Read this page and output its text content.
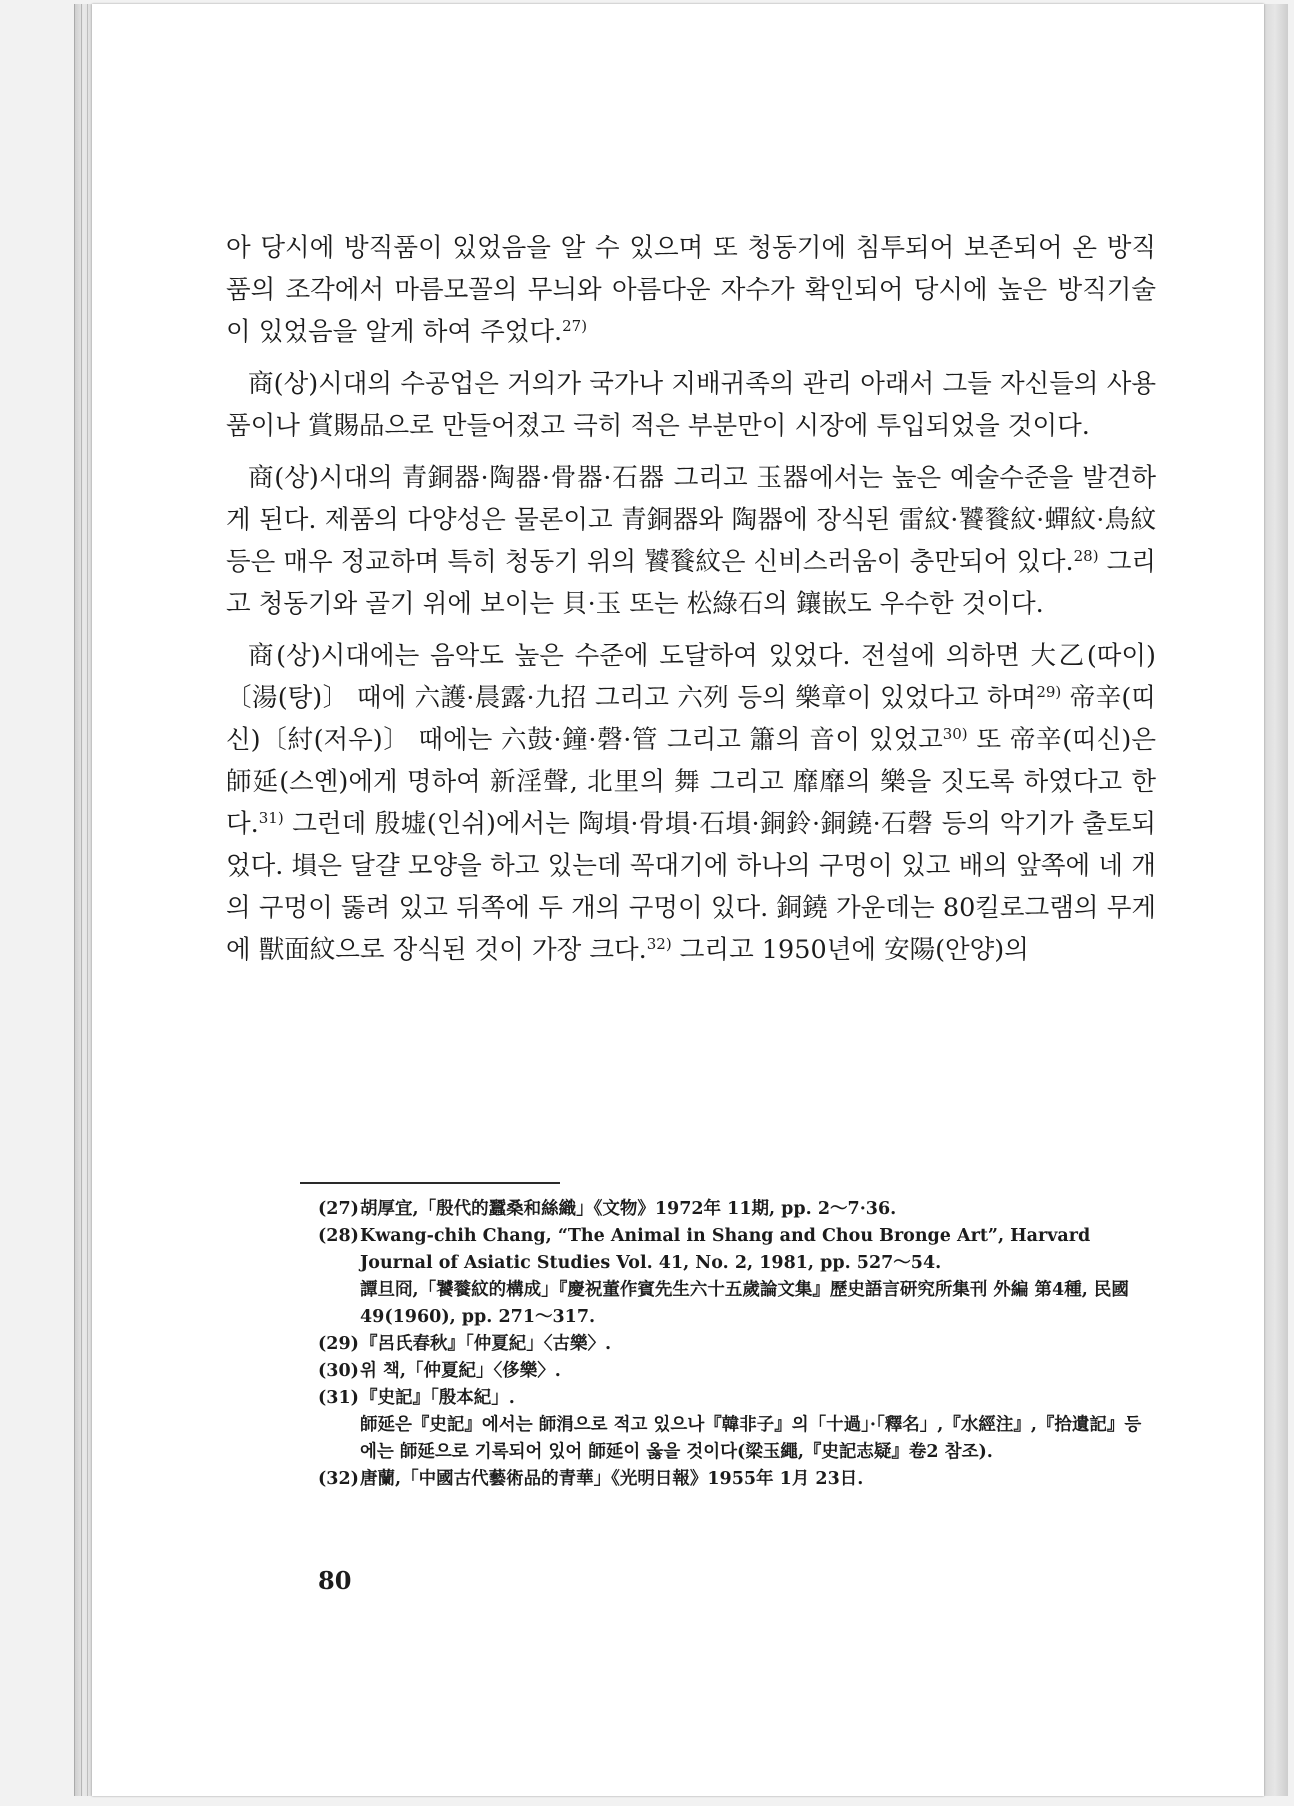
아 당시에 방직품이 있었음을 알 수 있으며 또 청동기에 침투되어 보존되어 온 방직품의 조각에서 마름모꼴의 무늬와 아름다운 자수가 확인되어 당시에 높은 방직기술이 있었음을 알게 하여 주었다.$^{27)}$

商(상)시대의 수공업은 거의가 국가나 지배귀족의 관리 아래서 그들 자신들의 사용품이나 賞賜品으로 만들어졌고 극히 적은 부분만이 시장에 투입되었을 것이다.

商(상)시대의 青銅器·陶器·骨器·石器 그리고 玉器에서는 높은 예술수준을 발견하게 된다. 제품의 다양성은 물론이고 青銅器와 陶器에 장식된 雷紋·饕餮紋·蟬紋·鳥紋 등은 매우 정교하며 특히 청동기 위의 饕餮紋은 신비스러움이 충만되어 있다.$^{28)}$ 그리고 청동기와 골기 위에 보이는 貝·玉 또는 松綠石의 鑲嵌도 우수한 것이다.

商(상)시대에는 음악도 높은 수준에 도달하여 있었다. 전설에 의하면 大乙(따이)〔湯(탕)〕 때에 六護·晨露·九招 그리고 六列 등의 樂章이 있었다고 하며$^{29)}$ 帝辛(띠신)〔紂(저우)〕 때에는 六鼓·鐘·磬·管 그리고 簫의 音이 있었고$^{30)}$ 또 帝辛(띠신)은 師延(스옌)에게 명하여 新淫聲, 北里의 舞 그리고 靡靡의 樂을 짓도록 하였다고 한다.$^{31)}$ 그런데 殷墟(인쉬)에서는 陶塤·骨塤·石塤·銅鈴·銅鐃·石磬 등의 악기가 출토되었다. 塤은 달걀 모양을 하고 있는데 꼭대기에 하나의 구멍이 있고 배의 앞쪽에 네 개의 구멍이 뚫려 있고 뒤쪽에 두 개의 구멍이 있다. 銅鐃 가운데는 80킬로그램의 무게에 獸面紋으로 장식된 것이 가장 크다.$^{32)}$ 그리고 1950년에 安陽(안양)의

(27) 胡厚宜,「殷代的蠶桑和絲織」《文物》1972年 11期, pp. 2～7·36.
(28) Kwang-chih Chang, “The Animal in Shang and Chou Bronge Art”, Harvard Journal of Asiatic Studies Vol. 41, No. 2, 1981, pp. 527～54.
譚旦冏,「饕餮紋的構成」『慶祝董作賓先生六十五歲論文集』歷史語言研究所集刊 外編 第4種, 民國 49(1960), pp. 271～317.
(29) 『呂氏春秋』「仲夏紀」〈古樂〉.
(30) 위 책,「仲夏紀」〈侈樂〉.
(31) 『史記』「殷本紀」.
師延은『史記』에서는 師涓으로 적고 있으나『韓非子』의「十過」·「釋名」,『水經注』,『拾遺記』등에는 師延으로 기록되어 있어 師延이 옳을 것이다(梁玉繩,『史記志疑』卷2 참조).
(32) 唐蘭,「中國古代藝術品的青華」《光明日報》1955年 1月 23日.
80
